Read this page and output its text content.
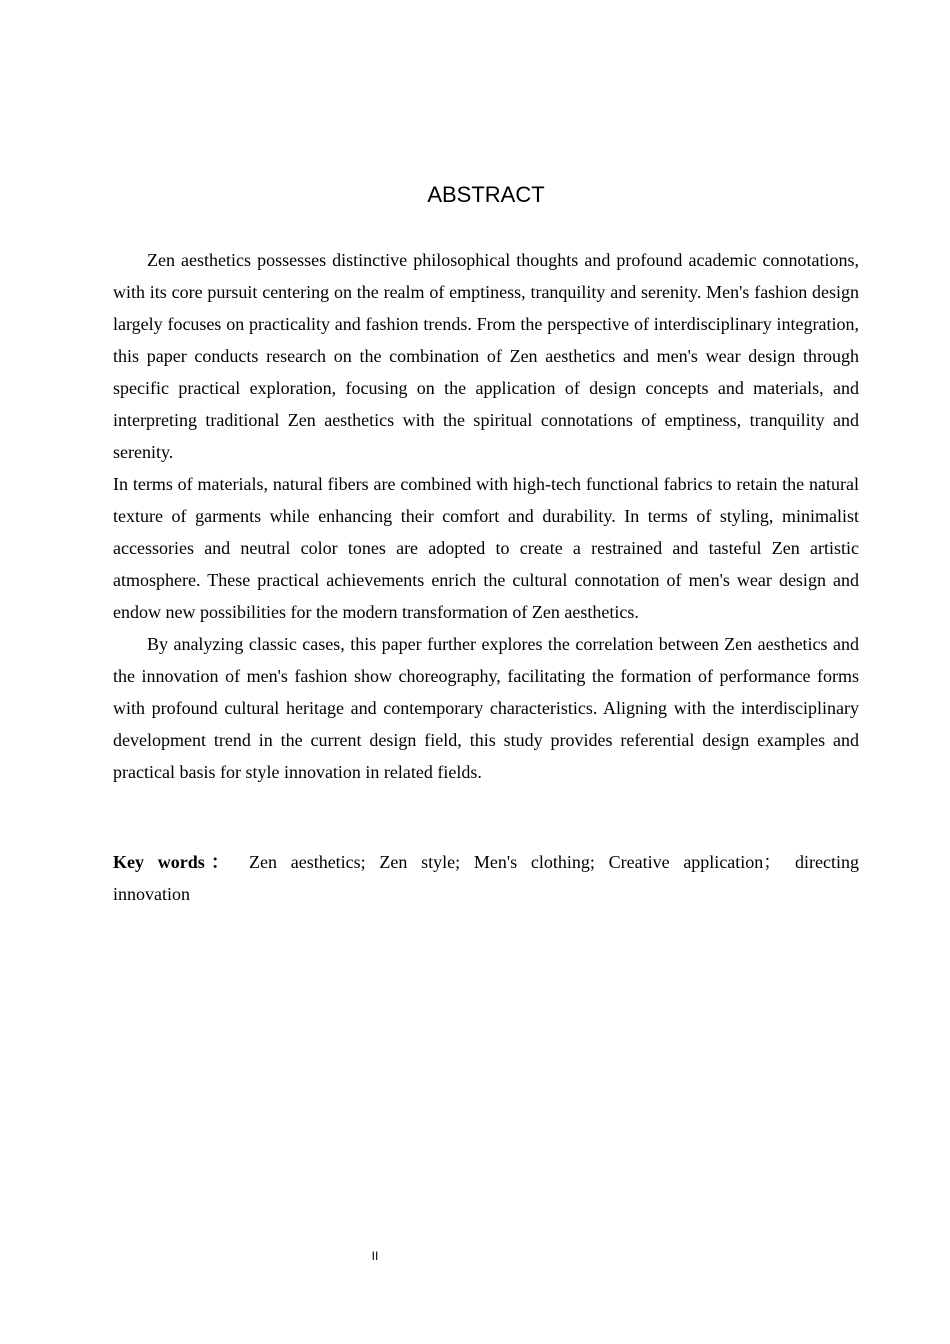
ABSTRACT

Zen aesthetics possesses distinctive philosophical thoughts and profound academic connotations, with its core pursuit centering on the realm of emptiness, tranquility and serenity. Men's fashion design largely focuses on practicality and fashion trends. From the perspective of interdisciplinary integration, this paper conducts research on the combination of Zen aesthetics and men's wear design through specific practical exploration, focusing on the application of design concepts and materials, and interpreting traditional Zen aesthetics with the spiritual connotations of emptiness, tranquility and serenity.

In terms of materials, natural fibers are combined with high-tech functional fabrics to retain the natural texture of garments while enhancing their comfort and durability. In terms of styling, minimalist accessories and neutral color tones are adopted to create a restrained and tasteful Zen artistic atmosphere. These practical achievements enrich the cultural connotation of men's wear design and endow new possibilities for the modern transformation of Zen aesthetics.

By analyzing classic cases, this paper further explores the correlation between Zen aesthetics and the innovation of men's fashion show choreography, facilitating the formation of performance forms with profound cultural heritage and contemporary characteristics. Aligning with the interdisciplinary development trend in the current design field, this study provides referential design examples and practical basis for style innovation in related fields.

Key words： Zen aesthetics; Zen style; Men's clothing; Creative application； directing innovation
II
